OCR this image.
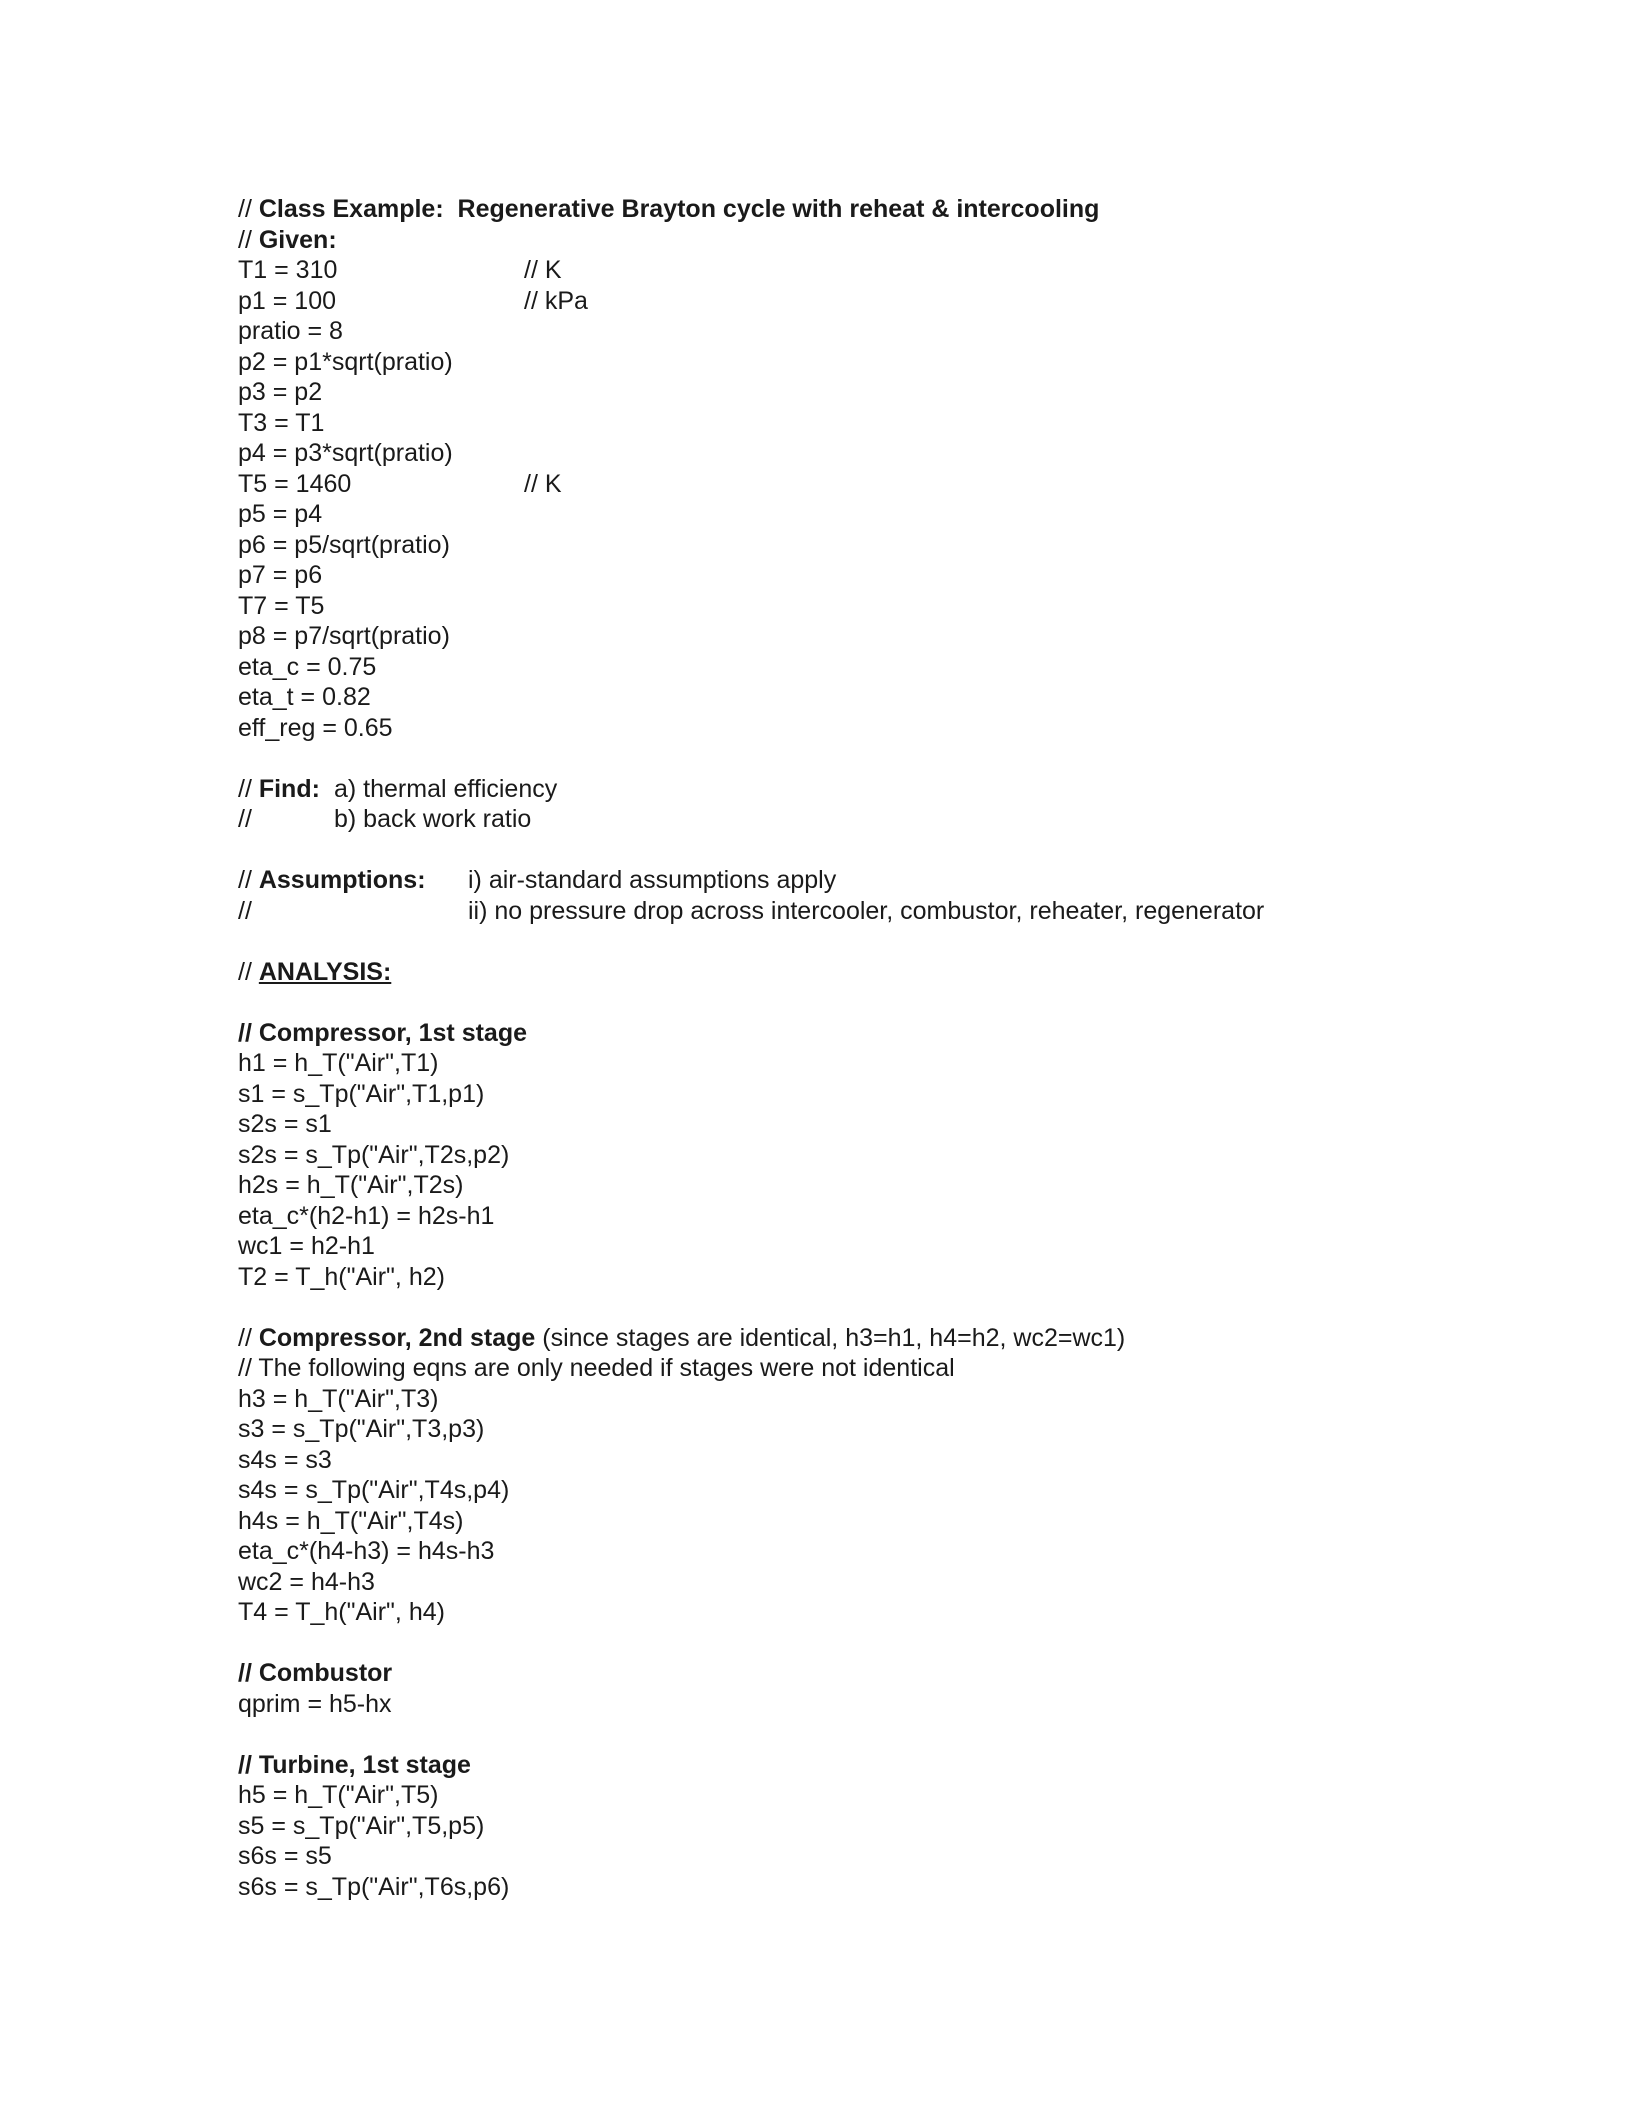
// Class Example:  Regenerative Brayton cycle with reheat & intercooling
// Given:
T1 = 310	// K
p1 = 100	// kPa
pratio = 8
p2 = p1*sqrt(pratio)
p3 = p2
T3 = T1
p4 = p3*sqrt(pratio)
T5 = 1460	// K
p5 = p4
p6 = p5/sqrt(pratio)
p7 = p6
T7 = T5
p8 = p7/sqrt(pratio)
eta_c = 0.75
eta_t = 0.82
eff_reg = 0.65
// Find: a) thermal efficiency
//	b) back work ratio
// Assumptions: i) air-standard assumptions apply
//	ii) no pressure drop across intercooler, combustor, reheater, regenerator
// ANALYSIS:
// Compressor, 1st stage
h1 = h_T("Air",T1)
s1 = s_Tp("Air",T1,p1)
s2s = s1
s2s = s_Tp("Air",T2s,p2)
h2s = h_T("Air",T2s)
eta_c*(h2-h1) = h2s-h1
wc1 = h2-h1
T2 = T_h("Air", h2)
// Compressor, 2nd stage (since stages are identical, h3=h1, h4=h2, wc2=wc1)
// The following eqns are only needed if stages were not identical
h3 = h_T("Air",T3)
s3 = s_Tp("Air",T3,p3)
s4s = s3
s4s = s_Tp("Air",T4s,p4)
h4s = h_T("Air",T4s)
eta_c*(h4-h3) = h4s-h3
wc2 = h4-h3
T4 = T_h("Air", h4)
// Combustor
qprim = h5-hx
// Turbine, 1st stage
h5 = h_T("Air",T5)
s5 = s_Tp("Air",T5,p5)
s6s = s5
s6s = s_Tp("Air",T6s,p6)
